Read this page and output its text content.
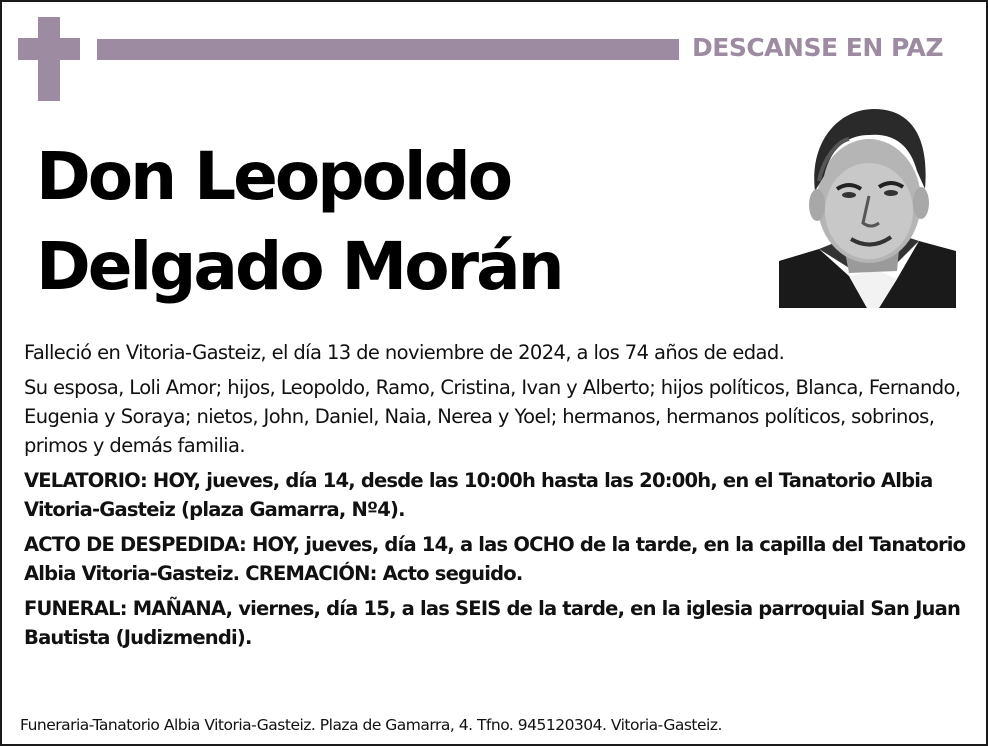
DESCANSE EN PAZ
Don Leopoldo
Delgado Morán

Falleció en Vitoria-Gasteiz, el día 13 de noviembre de 2024, a los 74 años de edad.

Su esposa, Loli Amor; hijos, Leopoldo, Ramo, Cristina, Ivan y Alberto; hijos políticos, Blanca, Fernando, Eugenia y Soraya; nietos, John, Daniel, Naia, Nerea y Yoel; hermanos, hermanos políticos, sobrinos, primos y demás familia.

VELATORIO: HOY, jueves, día 14, desde las 10:00h hasta las 20:00h, en el Tanatorio Albia Vitoria-Gasteiz (plaza Gamarra, Nº4).

ACTO DE DESPEDIDA: HOY, jueves, día 14, a las OCHO de la tarde, en la capilla del Tanatorio Albia Vitoria-Gasteiz. CREMACIÓN: Acto seguido.

FUNERAL: MAÑANA, viernes, día 15, a las SEIS de la tarde, en la iglesia parroquial San Juan Bautista (Judizmendi).

Funeraria-Tanatorio Albia Vitoria-Gasteiz. Plaza de Gamarra, 4. Tfno. 945120304. Vitoria-Gasteiz.
